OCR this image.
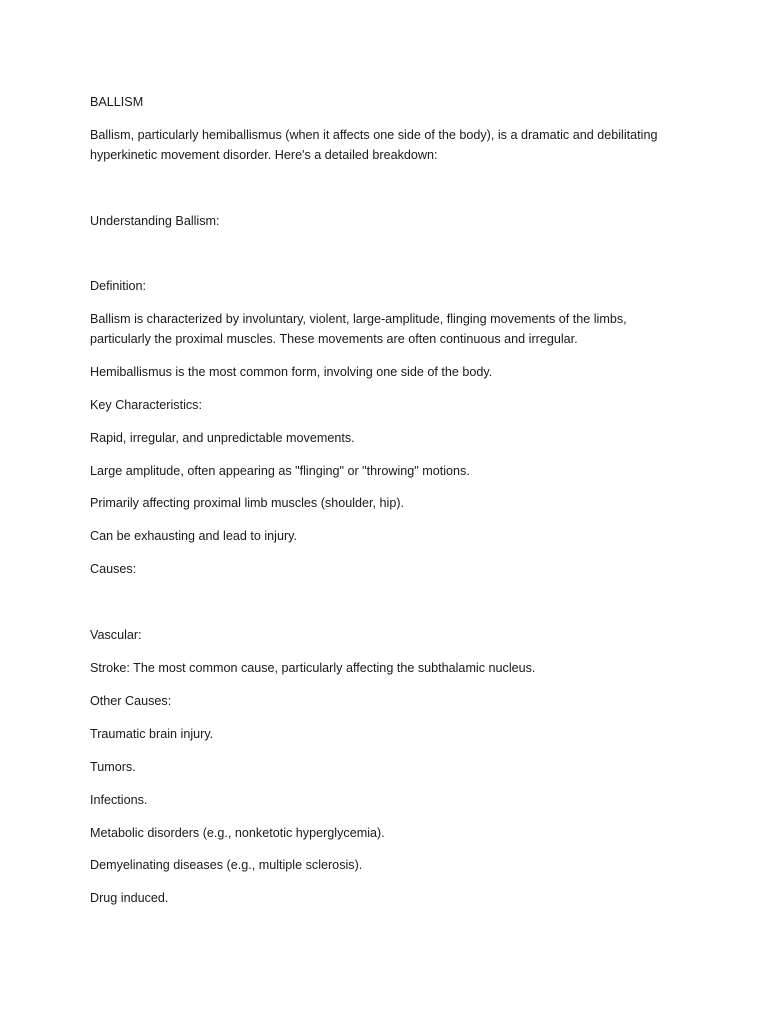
BALLISM

Ballism, particularly hemiballismus (when it affects one side of the body), is a dramatic and debilitating hyperkinetic movement disorder. Here's a detailed breakdown:

Understanding Ballism:

Definition:

Ballism is characterized by involuntary, violent, large-amplitude, flinging movements of the limbs, particularly the proximal muscles. These movements are often continuous and irregular.

Hemiballismus is the most common form, involving one side of the body.

Key Characteristics:

Rapid, irregular, and unpredictable movements.

Large amplitude, often appearing as "flinging" or "throwing" motions.

Primarily affecting proximal limb muscles (shoulder, hip).

Can be exhausting and lead to injury.

Causes:

Vascular:

Stroke: The most common cause, particularly affecting the subthalamic nucleus.

Other Causes:

Traumatic brain injury.

Tumors.

Infections.

Metabolic disorders (e.g., nonketotic hyperglycemia).

Demyelinating diseases (e.g., multiple sclerosis).

Drug induced.
